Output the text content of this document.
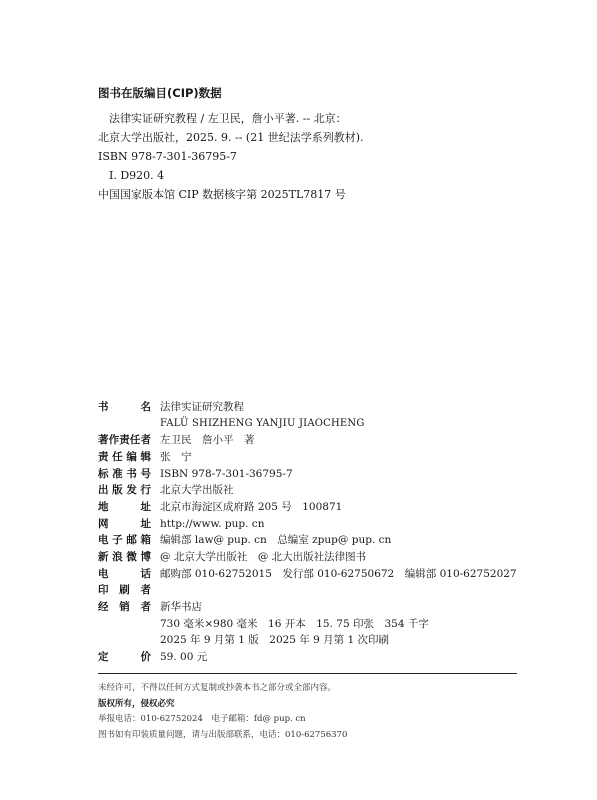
图书在版编目(CIP)数据
法律实证研究教程 / 左卫民，詹小平著. -- 北京：
北京大学出版社，2025. 9. -- (21 世纪法学系列教材).
ISBN 978-7-301-36795-7
Ⅰ. D920. 4
中国国家版本馆 CIP 数据核字第 2025TL7817 号
书 名 法律实证研究教程
FALÜ SHIZHENG YANJIU JIAOCHENG
著作责任者 左卫民　詹小平　著
责 任 编 辑 张　宁
标 准 书 号 ISBN 978-7-301-36795-7
出 版 发 行 北京大学出版社
地 址 北京市海淀区成府路 205 号　100871
网 址 http://www. pup. cn
电 子 邮 箱 编辑部 law@ pup. cn　总编室 zpup@ pup. cn
新 浪 微 博 @ 北京大学出版社　@ 北大出版社法律图书
电 话 邮购部 010-62752015　发行部 010-62750672　编辑部 010-62752027
印 刷 者
经 销 者 新华书店
730 毫米×980 毫米　16 开本　15. 75 印张　354 千字
2025 年 9 月第 1 版　2025 年 9 月第 1 次印刷
定 价 59. 00 元
未经许可，不得以任何方式复制或抄袭本书之部分或全部内容。
版权所有，侵权必究
举报电话：010-62752024　电子邮箱：fd@ pup. cn
图书如有印装质量问题，请与出版部联系，电话：010-62756370
